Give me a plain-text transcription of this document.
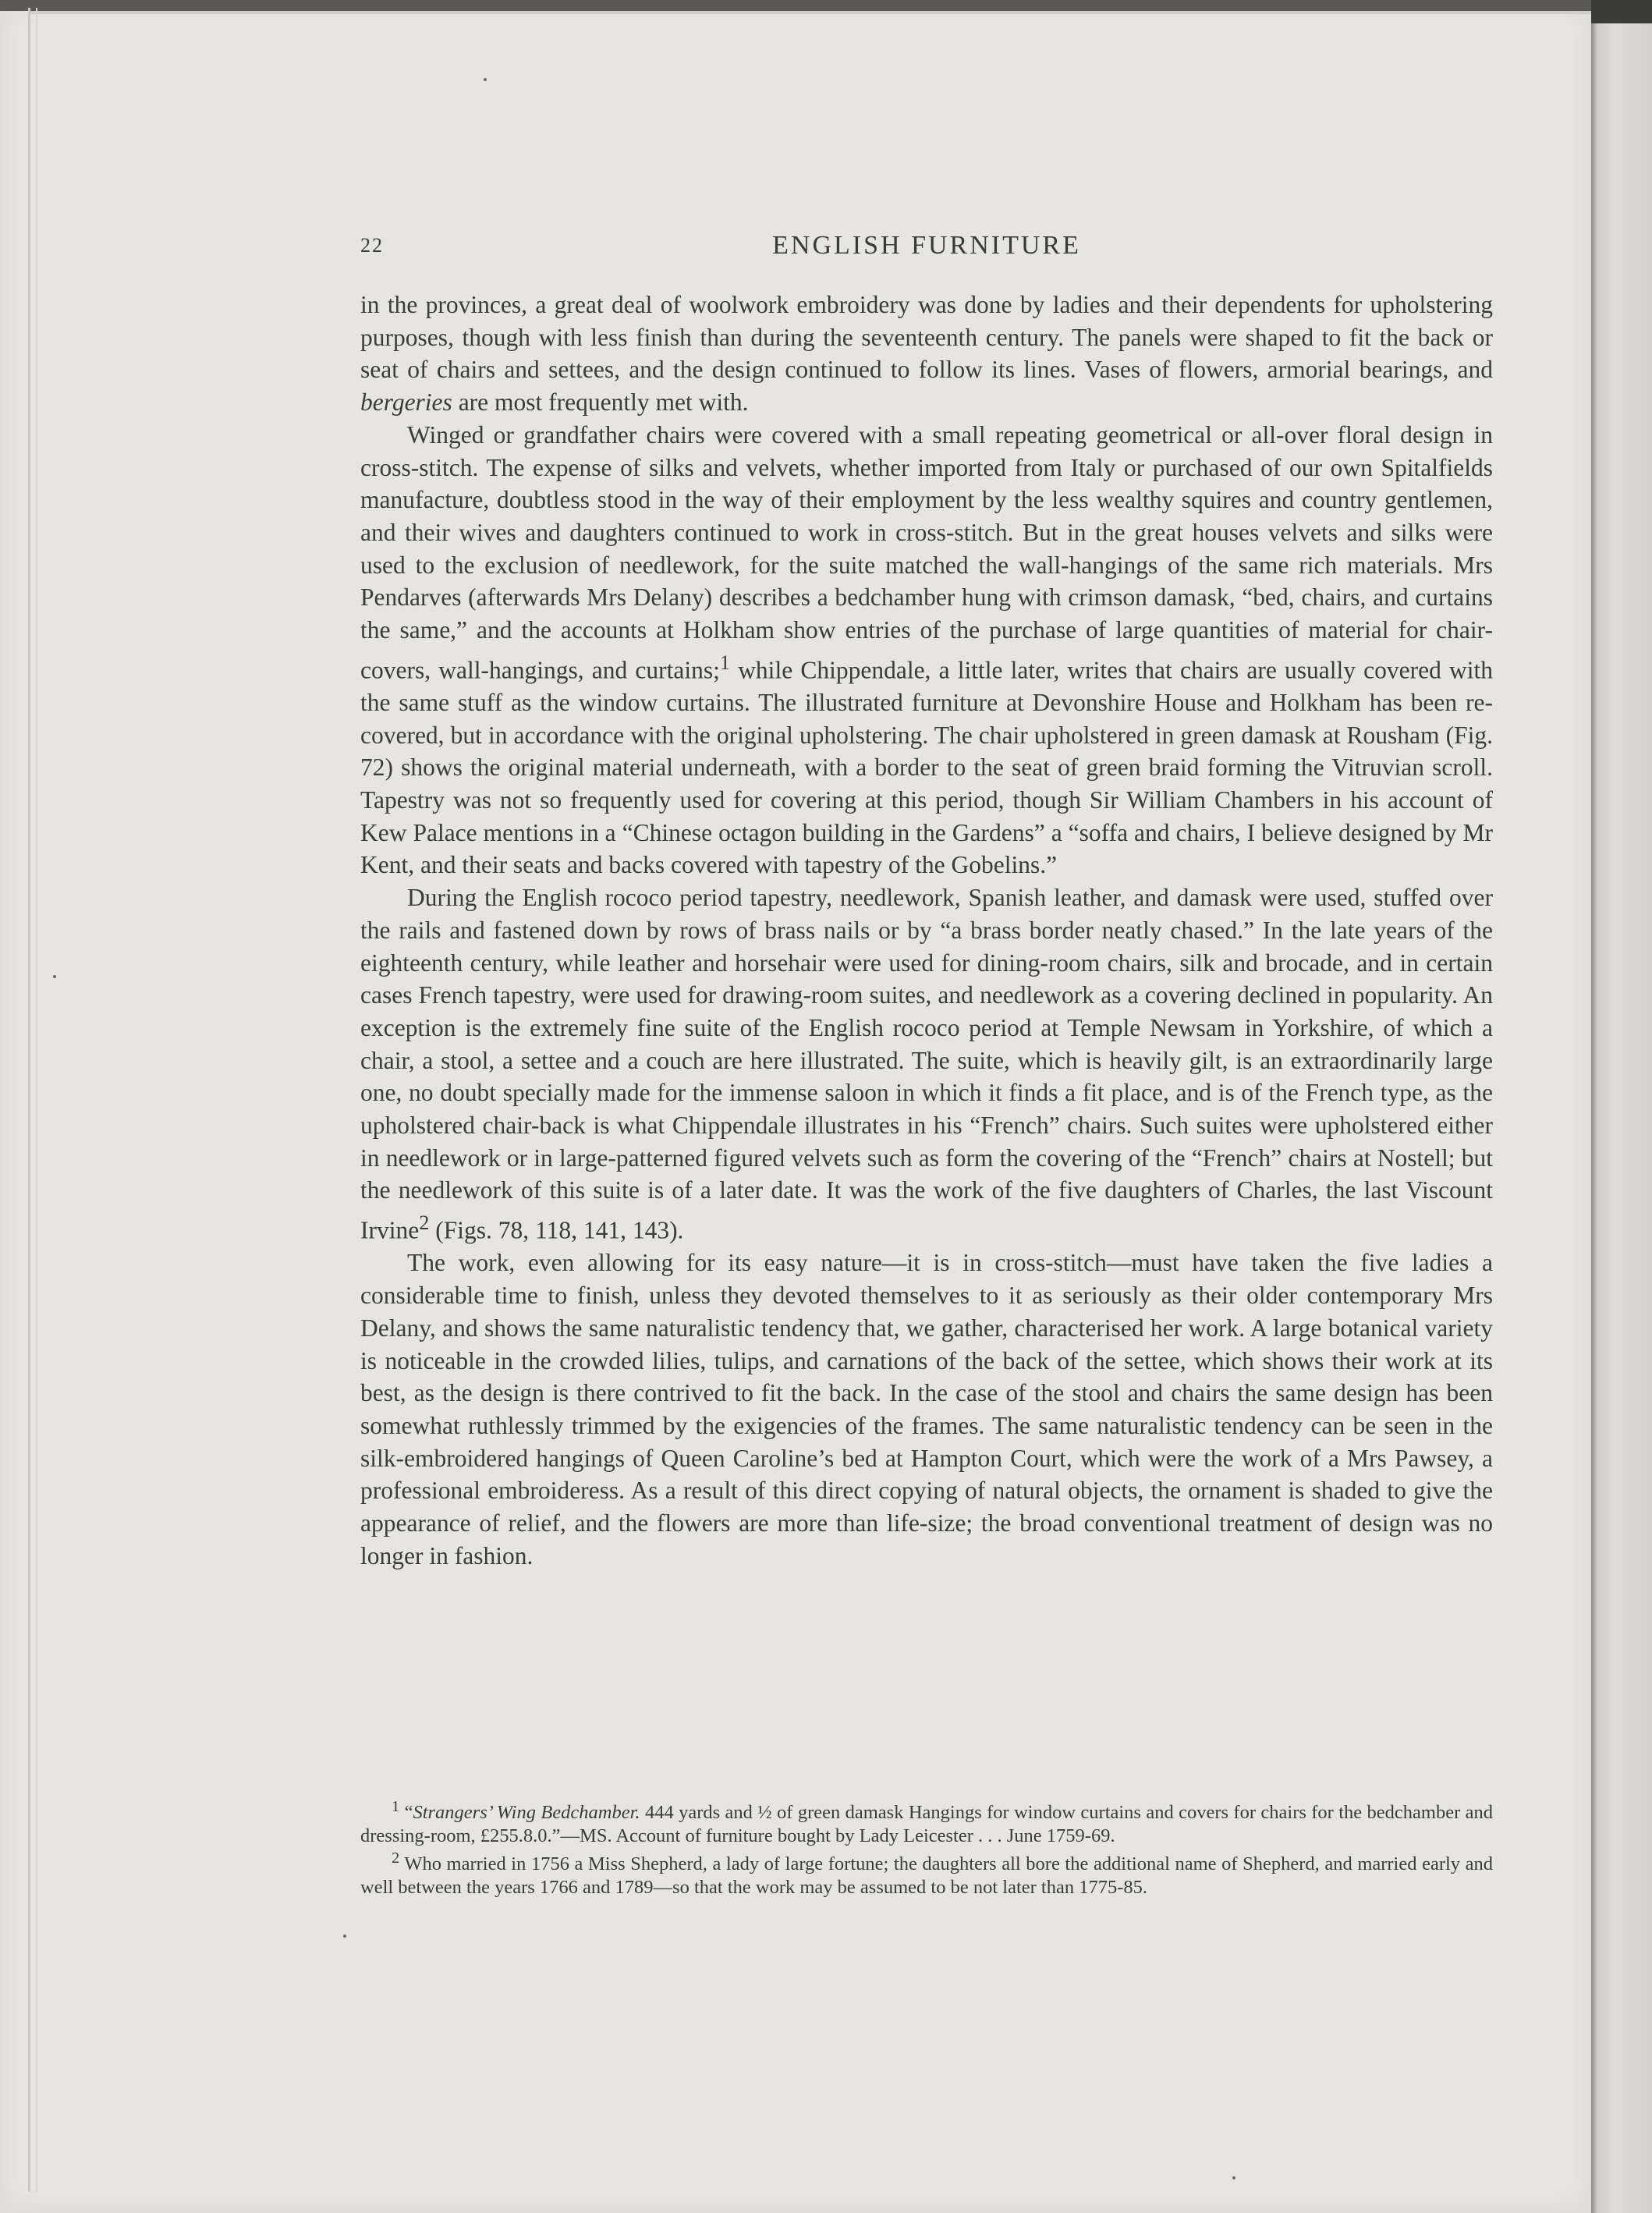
22	ENGLISH FURNITURE

in the provinces, a great deal of woolwork embroidery was done by ladies and their dependents for upholstering purposes, though with less finish than during the seventeenth century. The panels were shaped to fit the back or seat of chairs and settees, and the design continued to follow its lines. Vases of flowers, armorial bearings, and bergeries are most frequently met with.

Winged or grandfather chairs were covered with a small repeating geometrical or all-over floral design in cross-stitch. The expense of silks and velvets, whether imported from Italy or purchased of our own Spitalfields manufacture, doubtless stood in the way of their employment by the less wealthy squires and country gentlemen, and their wives and daughters continued to work in cross-stitch. But in the great houses velvets and silks were used to the exclusion of needlework, for the suite matched the wall-hangings of the same rich materials. Mrs Pendarves (afterwards Mrs Delany) describes a bedchamber hung with crimson damask, “bed, chairs, and curtains the same,” and the accounts at Holkham show entries of the purchase of large quantities of material for chair-covers, wall-hangings, and curtains;$^1$ while Chippendale, a little later, writes that chairs are usually covered with the same stuff as the window curtains. The illustrated furniture at Devonshire House and Holkham has been re-covered, but in accordance with the original upholstering. The chair upholstered in green damask at Rousham (Fig. 72) shows the original material underneath, with a border to the seat of green braid forming the Vitruvian scroll. Tapestry was not so frequently used for covering at this period, though Sir William Chambers in his account of Kew Palace mentions in a “Chinese octagon building in the Gardens” a “soffa and chairs, I believe designed by Mr Kent, and their seats and backs covered with tapestry of the Gobelins.”

During the English rococo period tapestry, needlework, Spanish leather, and damask were used, stuffed over the rails and fastened down by rows of brass nails or by “a brass border neatly chased.” In the late years of the eighteenth century, while leather and horsehair were used for dining-room chairs, silk and brocade, and in certain cases French tapestry, were used for drawing-room suites, and needlework as a covering declined in popularity. An exception is the extremely fine suite of the English rococo period at Temple Newsam in Yorkshire, of which a chair, a stool, a settee and a couch are here illustrated. The suite, which is heavily gilt, is an extraordinarily large one, no doubt specially made for the immense saloon in which it finds a fit place, and is of the French type, as the upholstered chair-back is what Chippendale illustrates in his “French” chairs. Such suites were upholstered either in needlework or in large-patterned figured velvets such as form the covering of the “French” chairs at Nostell; but the needlework of this suite is of a later date. It was the work of the five daughters of Charles, the last Viscount Irvine$^2$ (Figs. 78, 118, 141, 143).

The work, even allowing for its easy nature—it is in cross-stitch—must have taken the five ladies a considerable time to finish, unless they devoted themselves to it as seriously as their older contemporary Mrs Delany, and shows the same naturalistic tendency that, we gather, characterised her work. A large botanical variety is noticeable in the crowded lilies, tulips, and carnations of the back of the settee, which shows their work at its best, as the design is there contrived to fit the back. In the case of the stool and chairs the same design has been somewhat ruthlessly trimmed by the exigencies of the frames. The same naturalistic tendency can be seen in the silk-embroidered hangings of Queen Caroline’s bed at Hampton Court, which were the work of a Mrs Pawsey, a professional embroideress. As a result of this direct copying of natural objects, the ornament is shaded to give the appearance of relief, and the flowers are more than life-size; the broad conventional treatment of design was no longer in fashion.

$^1$ “Strangers’ Wing Bedchamber. 444 yards and ½ of green damask Hangings for window curtains and covers for chairs for the bedchamber and dressing-room, £255.8.0.”—MS. Account of furniture bought by Lady Leicester . . . June 1759-69.

$^2$ Who married in 1756 a Miss Shepherd, a lady of large fortune; the daughters all bore the additional name of Shepherd, and married early and well between the years 1766 and 1789—so that the work may be assumed to be not later than 1775-85.
